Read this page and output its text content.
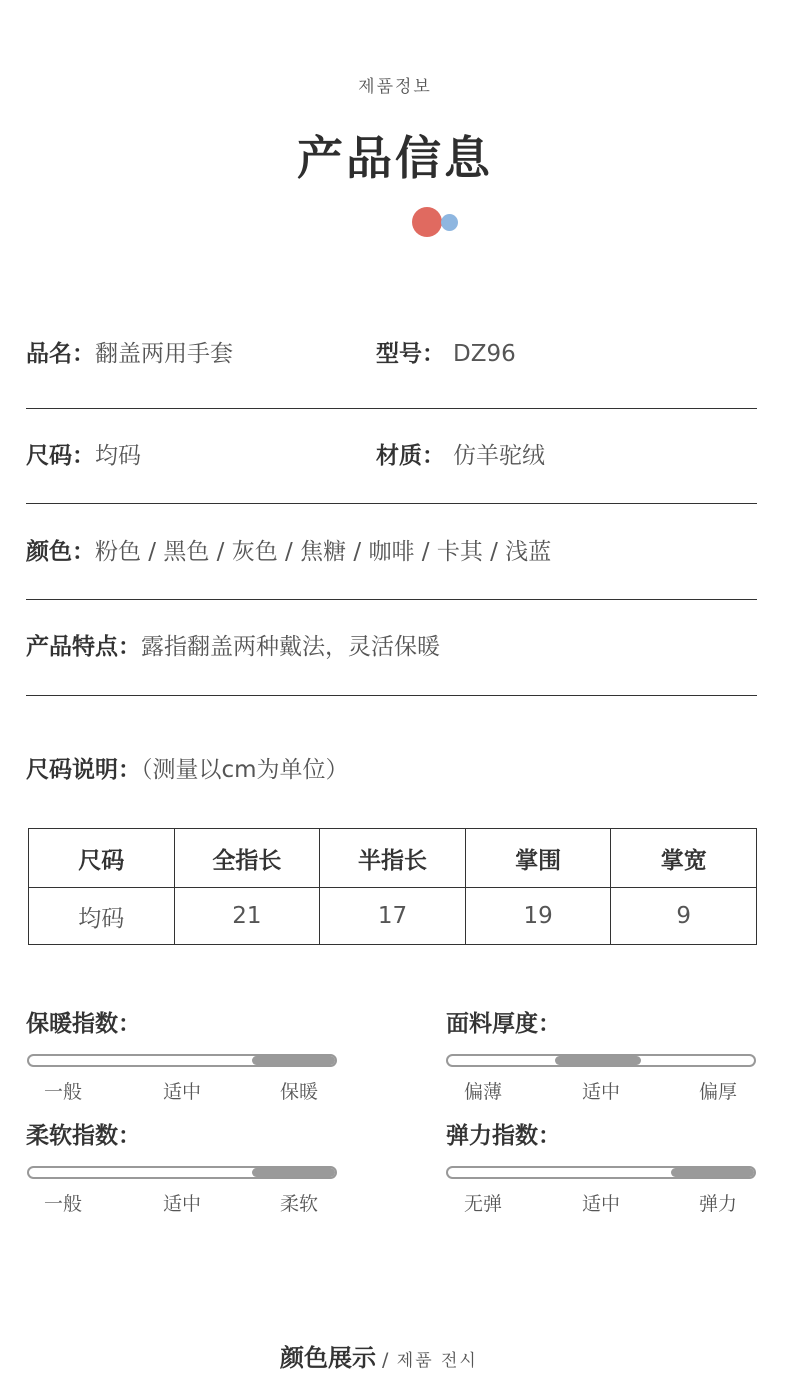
제품정보
产品信息
品名：翻盖两用手套	型号： DZ96
尺码：均码	材质： 仿羊驼绒
颜色：粉色 / 黑色 / 灰色 / 焦糖 / 咖啡 / 卡其 / 浅蓝
产品特点：露指翻盖两种戴法，灵活保暖
尺码说明：（测量以cm为单位）
尺码	全指长	半指长	掌围	掌宽
均码	21	17	19	9
保暖指数：
一般	适中	保暖
面料厚度：
偏薄	适中	偏厚
柔软指数：
一般	适中	柔软
弹力指数：
无弹	适中	弹力
颜色展示 / 제품 전시
